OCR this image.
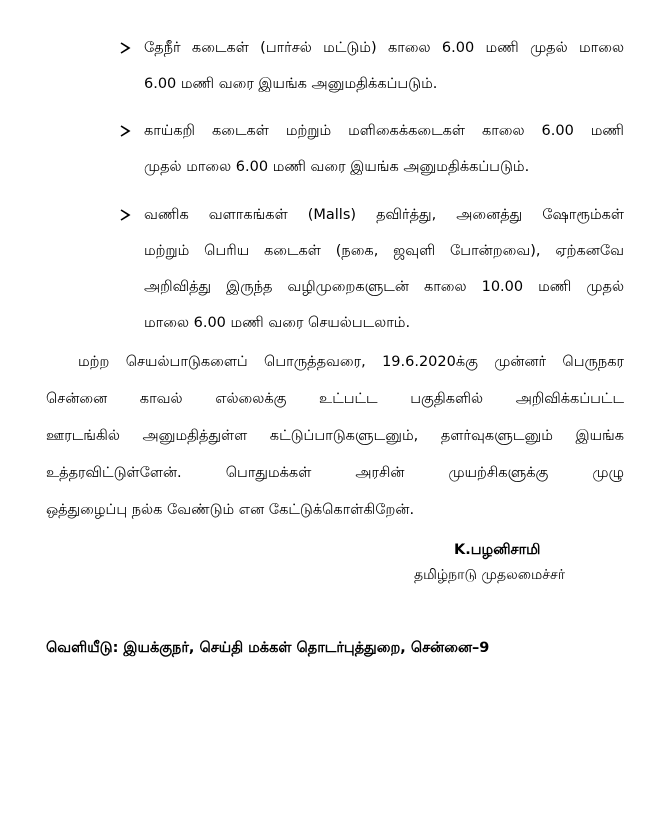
தேநீர் கடைகள் (பார்சல் மட்டும்) காலை 6.00 மணி முதல் மாலை
6.00 மணி வரை இயங்க அனுமதிக்கப்படும்.
காய்கறி கடைகள் மற்றும் மளிகைக்கடைகள் காலை 6.00 மணி
முதல் மாலை 6.00 மணி வரை இயங்க அனுமதிக்கப்படும்.
வணிக வளாகங்கள் (Malls) தவிர்த்து, அனைத்து ஷோரூம்கள்
மற்றும் பெரிய கடைகள் (நகை, ஜவுளி போன்றவை), ஏற்கனவே
அறிவித்து இருந்த வழிமுறைகளுடன் காலை 10.00 மணி முதல்
மாலை 6.00 மணி வரை செயல்படலாம்.
மற்ற செயல்பாடுகளைப் பொருத்தவரை, 19.6.2020க்கு முன்னர் பெருநகர
சென்னை காவல் எல்லைக்கு உட்பட்ட பகுதிகளில் அறிவிக்கப்பட்ட
ஊரடங்கில் அனுமதித்துள்ள கட்டுப்பாடுகளுடனும், தளர்வுகளுடனும் இயங்க
உத்தரவிட்டுள்ளேன். பொதுமக்கள் அரசின் முயற்சிகளுக்கு முழு
ஒத்துழைப்பு நல்க வேண்டும் என கேட்டுக்கொள்கிறேன்.
K.பழனிசாமி
தமிழ்நாடு முதலமைச்சர்
வெளியீடு: இயக்குநர், செய்தி மக்கள் தொடர்புத்துறை, சென்னை–9
